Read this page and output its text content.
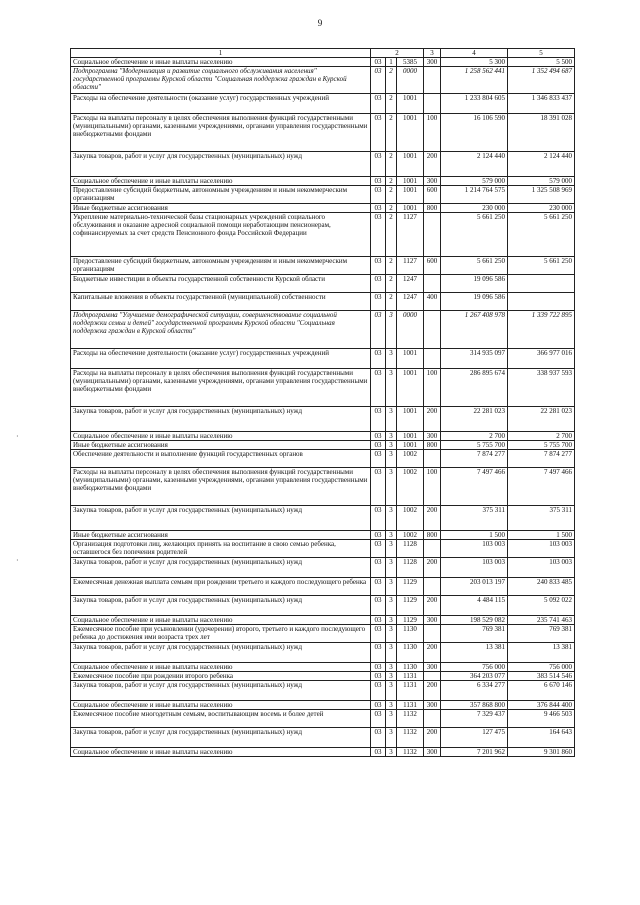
9
1	2			3	4	5
Социальное обеспечение и иные выплаты населению	03	1	5385	300	5 300	5 500
Подпрограмма "Модернизация и развитие социального обслуживания населения" государственной программы Курской области "Социальная поддержка граждан в Курской области"	03	2	0000		1 258 562 441	1 352 494 687
Расходы на обеспечение деятельности (оказание услуг) государственных учреждений	03	2	1001		1 233 804 605	1 346 833 437
Расходы на выплаты персоналу в целях обеспечения выполнения функций государственными (муниципальными) органами, казенными учреждениями, органами управления государственными внебюджетными фондами	03	2	1001	100	16 106 590	18 391 028
Закупка товаров, работ и услуг для государственных (муниципальных) нужд	03	2	1001	200	2 124 440	2 124 440
Социальное обеспечение и иные выплаты населению	03	2	1001	300	579 000	579 000
Предоставление субсидий бюджетным, автономным учреждениям и иным некоммерческим организациям	03	2	1001	600	1 214 764 575	1 325 508 969
Иные бюджетные ассигнования	03	2	1001	800	230 000	230 000
Укрепление материально-технической базы стационарных учреждений социального обслуживания и оказание адресной социальной помощи неработающим пенсионерам, софинансируемых за счет средств Пенсионного фонда Российской Федерации	03	2	1127		5 661 250	5 661 250
Предоставление субсидий бюджетным, автономным учреждениям и иным некоммерческим организациям	03	2	1127	600	5 661 250	5 661 250
Бюджетные инвестиции в объекты государственной собственности Курской области	03	2	1247		19 096 586	
Капитальные вложения в объекты государственной (муниципальной) собственности	03	2	1247	400	19 096 586	
Подпрограмма "Улучшение демографической ситуации, совершенствование социальной поддержки семьи и детей" государственной программы Курской области "Социальная поддержка граждан в Курской области"	03	3	0000		1 267 408 978	1 339 722 895
Расходы на обеспечение деятельности (оказание услуг) государственных учреждений	03	3	1001		314 935 097	366 977 016
Расходы на выплаты персоналу в целях обеспечения выполнения функций государственными (муниципальными) органами, казенными учреждениями, органами управления государственными внебюджетными фондами	03	3	1001	100	286 895 674	338 937 593
Закупка товаров, работ и услуг для государственных (муниципальных) нужд	03	3	1001	200	22 281 023	22 281 023
Социальное обеспечение и иные выплаты населению	03	3	1001	300	2 700	2 700
Иные бюджетные ассигнования	03	3	1001	800	5 755 700	5 755 700
Обеспечение деятельности и выполнение функций государственных органов	03	3	1002		7 874 277	7 874 277
Расходы на выплаты персоналу в целях обеспечения выполнения функций государственными (муниципальными) органами, казенными учреждениями, органами управления государственными внебюджетными фондами	03	3	1002	100	7 497 466	7 497 466
Закупка товаров, работ и услуг для государственных (муниципальных) нужд	03	3	1002	200	375 311	375 311
Иные бюджетные ассигнования	03	3	1002	800	1 500	1 500
Организация подготовки лиц, желающих принять на воспитание в свою семью ребенка, оставшегося без попечения родителей	03	3	1128		103 003	103 003
Закупка товаров, работ и услуг для государственных (муниципальных) нужд	03	3	1128	200	103 003	103 003
Ежемесячная денежная выплата семьям при рождении третьего и каждого последующего ребенка	03	3	1129		203 013 197	240 833 485
Закупка товаров, работ и услуг для государственных (муниципальных) нужд	03	3	1129	200	4 484 115	5 092 022
Социальное обеспечение и иные выплаты населению	03	3	1129	300	198 529 082	235 741 463
Ежемесячное пособие при усыновлении (удочерении) второго, третьего и каждого последующего ребенка до достижения ими возраста трех лет	03	3	1130		769 381	769 381
Закупка товаров, работ и услуг для государственных (муниципальных) нужд	03	3	1130	200	13 381	13 381
Социальное обеспечение и иные выплаты населению	03	3	1130	300	756 000	756 000
Ежемесячное пособие при рождении второго ребенка	03	3	1131		364 203 077	383 514 546
Закупка товаров, работ и услуг для государственных (муниципальных) нужд	03	3	1131	200	6 334 277	6 670 146
Социальное обеспечение и иные выплаты населению	03	3	1131	300	357 868 800	376 844 400
Ежемесячное пособие многодетным семьям, воспитывающим восемь и более детей	03	3	1132		7 329 437	9 466 503
Закупка товаров, работ и услуг для государственных (муниципальных) нужд	03	3	1132	200	127 475	164 643
Социальное обеспечение и иные выплаты населению	03	3	1132	300	7 201 962	9 301 860
·
·
